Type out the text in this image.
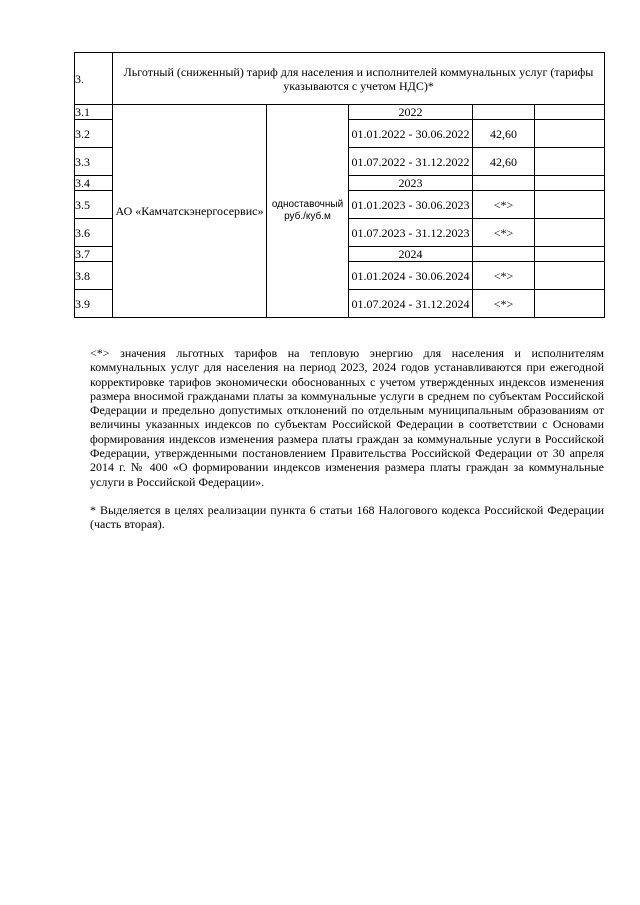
3.	Льготный (сниженный) тариф для населения и исполнителей коммунальных услуг (тарифы указываются с учетом НДС)*				
3.1	АО «Камчатскэнергосервис»	одноставочный руб./куб.м	2022		
3.2			01.01.2022 - 30.06.2022	42,60	
3.3			01.07.2022 - 31.12.2022	42,60	
3.4			2023		
3.5			01.01.2023 - 30.06.2023	<*>	
3.6			01.07.2023 - 31.12.2023	<*>	
3.7			2024		
3.8			01.01.2024 - 30.06.2024	<*>	
3.9			01.07.2024 - 31.12.2024	<*>	

<*> значения льготных тарифов на тепловую энергию для населения и исполнителям коммунальных услуг для населения на период 2023, 2024 годов устанавливаются при ежегодной корректировке тарифов экономически обоснованных с учетом утвержденных индексов изменения размера вносимой гражданами платы за коммунальные услуги в среднем по субъектам Российской Федерации и предельно допустимых отклонений по отдельным муниципальным образованиям от величины указанных индексов по субъектам Российской Федерации в соответствии с Основами формирования индексов изменения размера платы граждан за коммунальные услуги в Российской Федерации, утвержденными постановлением Правительства Российской Федерации от 30 апреля 2014 г. № 400 «О формировании индексов изменения размера платы граждан за коммунальные услуги в Российской Федерации».

* Выделяется в целях реализации пункта 6 статьи 168 Налогового кодекса Российской Федерации (часть вторая).
